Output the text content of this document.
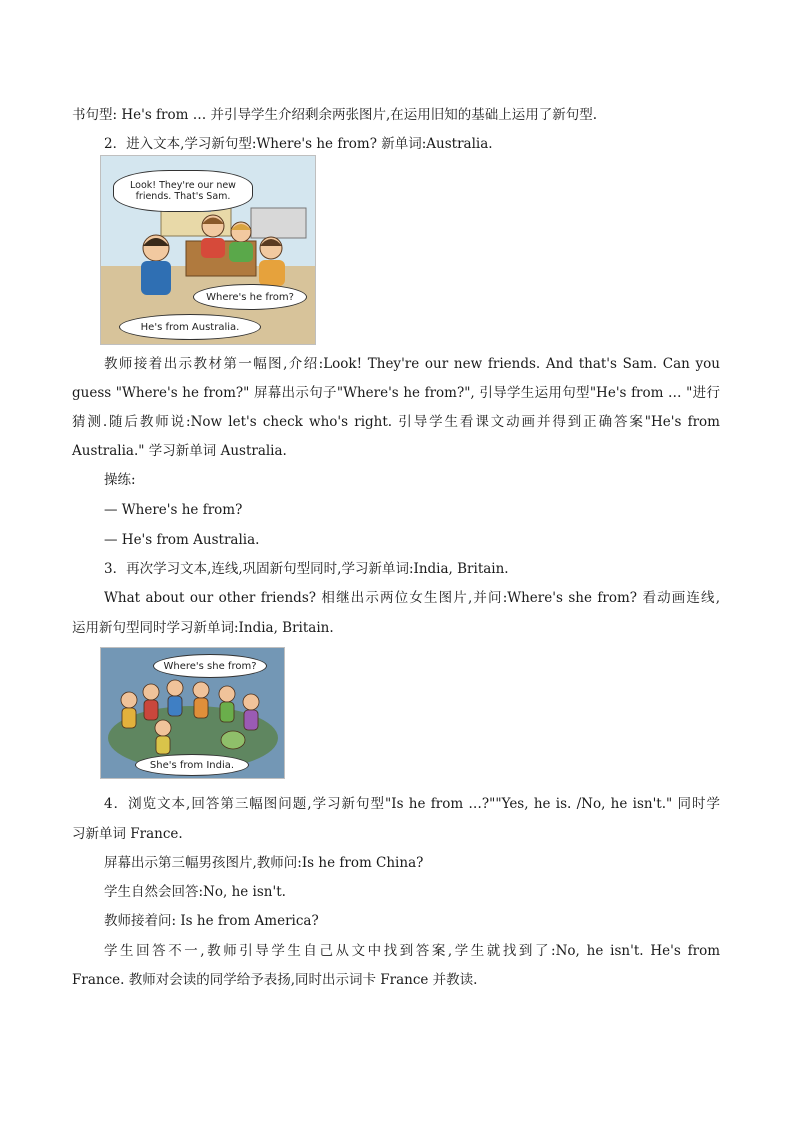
书句型: He's from … 并引导学生介绍剩余两张图片,在运用旧知的基础上运用了新句型.

2．进入文本,学习新句型:Where's he from? 新单词:Australia.

教师接着出示教材第一幅图,介绍:Look! They're our new friends. And that's Sam. Can you

guess "Where's he from?" 屏幕出示句子"Where's he from?", 引导学生运用句型"He's from … "进行

猜测.随后教师说:Now let's check who's right. 引导学生看课文动画并得到正确答案"He's from

Australia." 学习新单词 Australia.

操练:

— Where's he from?

— He's from Australia.

3．再次学习文本,连线,巩固新句型同时,学习新单词:India, Britain.

What about our other friends? 相继出示两位女生图片,并问:Where's she from? 看动画连线,

运用新句型同时学习新单词:India, Britain.

4．浏览文本,回答第三幅图问题,学习新句型"Is he from …?""Yes, he is. /No, he isn't." 同时学

习新单词 France.

屏幕出示第三幅男孩图片,教师问:Is he from China?

学生自然会回答:No, he isn't.

教师接着问: Is he from America?

学生回答不一,教师引导学生自己从文中找到答案,学生就找到了:No, he isn't. He's from

France. 教师对会读的同学给予表扬,同时出示词卡 France 并教读.

Look! They're our new friends. That's Sam.
Where's he from?
He's from Australia.
Where's she from?
She's from India.
